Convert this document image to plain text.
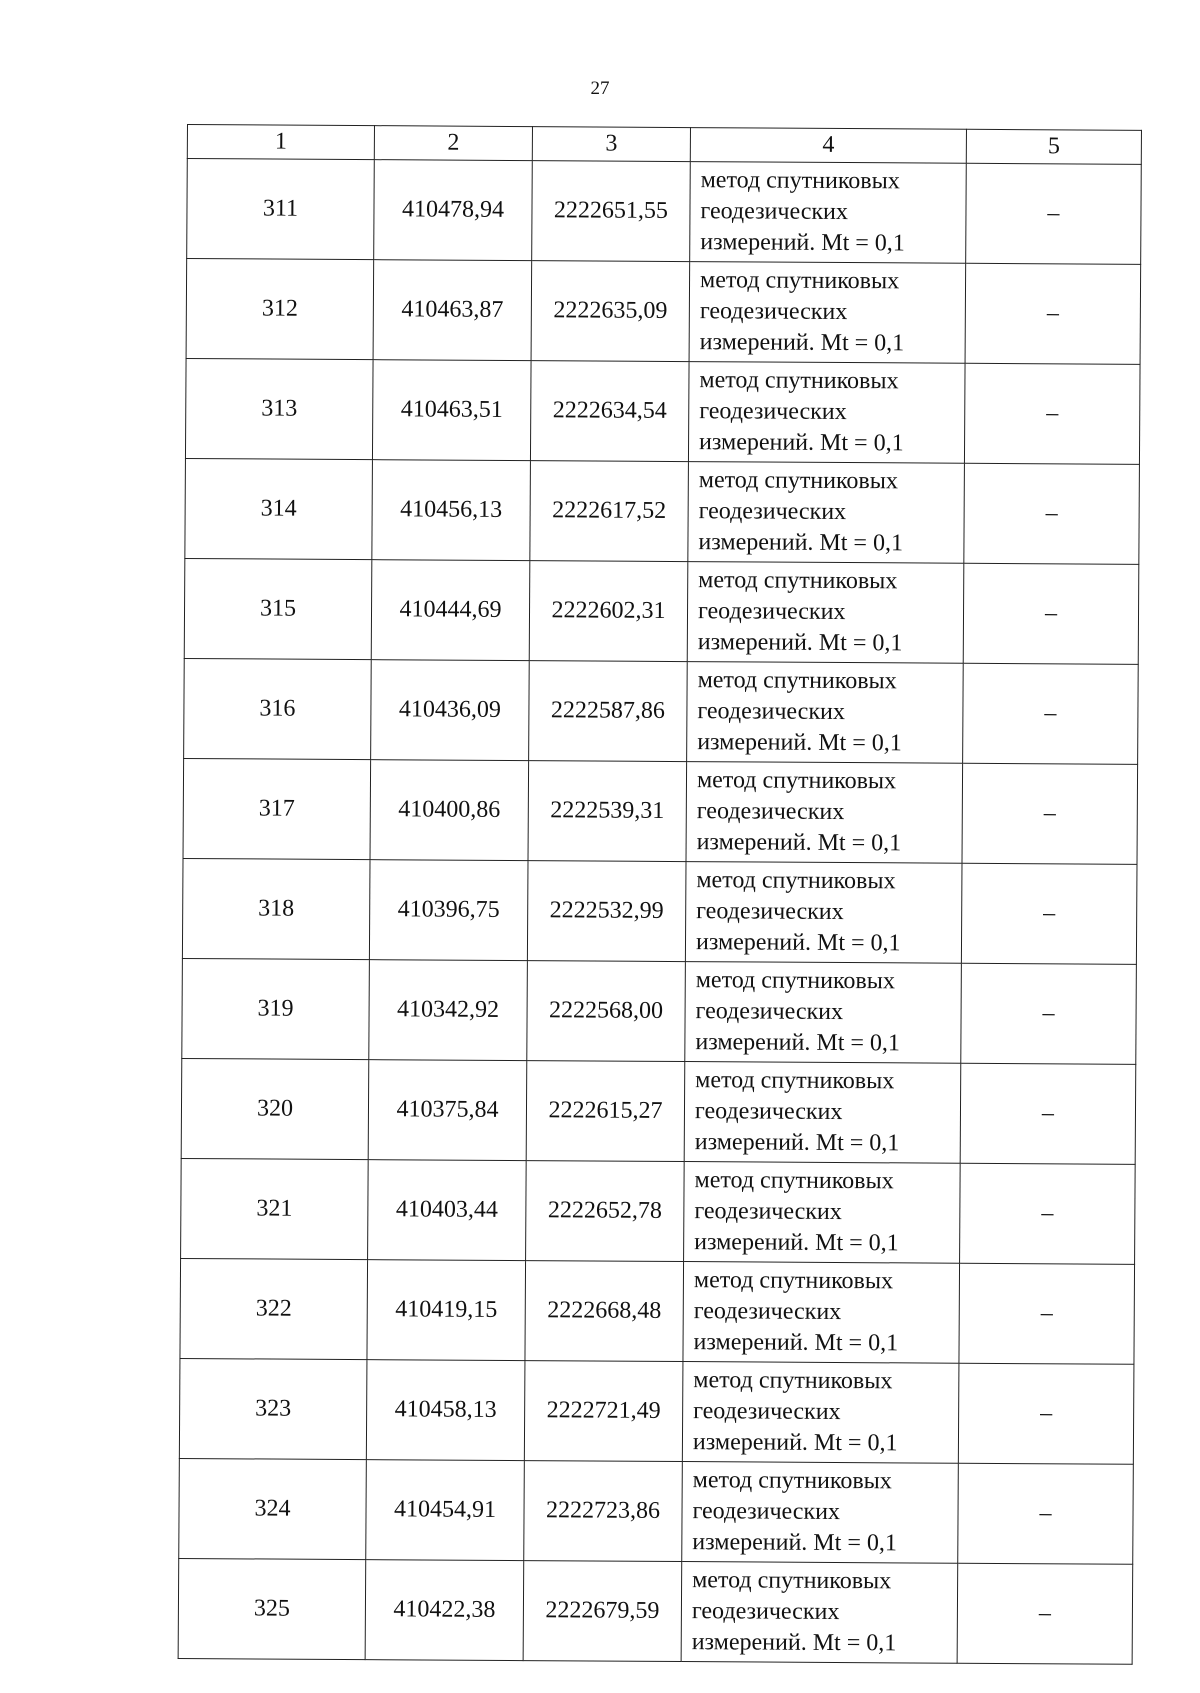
27
1	2	3	4	5
311	410478,94	2222651,55	метод спутниковых
геодезических
измерений. Mt = 0,1	–
312	410463,87	2222635,09	метод спутниковых
геодезических
измерений. Mt = 0,1	–
313	410463,51	2222634,54	метод спутниковых
геодезических
измерений. Mt = 0,1	–
314	410456,13	2222617,52	метод спутниковых
геодезических
измерений. Mt = 0,1	–
315	410444,69	2222602,31	метод спутниковых
геодезических
измерений. Mt = 0,1	–
316	410436,09	2222587,86	метод спутниковых
геодезических
измерений. Mt = 0,1	–
317	410400,86	2222539,31	метод спутниковых
геодезических
измерений. Mt = 0,1	–
318	410396,75	2222532,99	метод спутниковых
геодезических
измерений. Mt = 0,1	–
319	410342,92	2222568,00	метод спутниковых
геодезических
измерений. Mt = 0,1	–
320	410375,84	2222615,27	метод спутниковых
геодезических
измерений. Mt = 0,1	–
321	410403,44	2222652,78	метод спутниковых
геодезических
измерений. Mt = 0,1	–
322	410419,15	2222668,48	метод спутниковых
геодезических
измерений. Mt = 0,1	–
323	410458,13	2222721,49	метод спутниковых
геодезических
измерений. Mt = 0,1	–
324	410454,91	2222723,86	метод спутниковых
геодезических
измерений. Mt = 0,1	–
325	410422,38	2222679,59	метод спутниковых
геодезических
измерений. Mt = 0,1	–
